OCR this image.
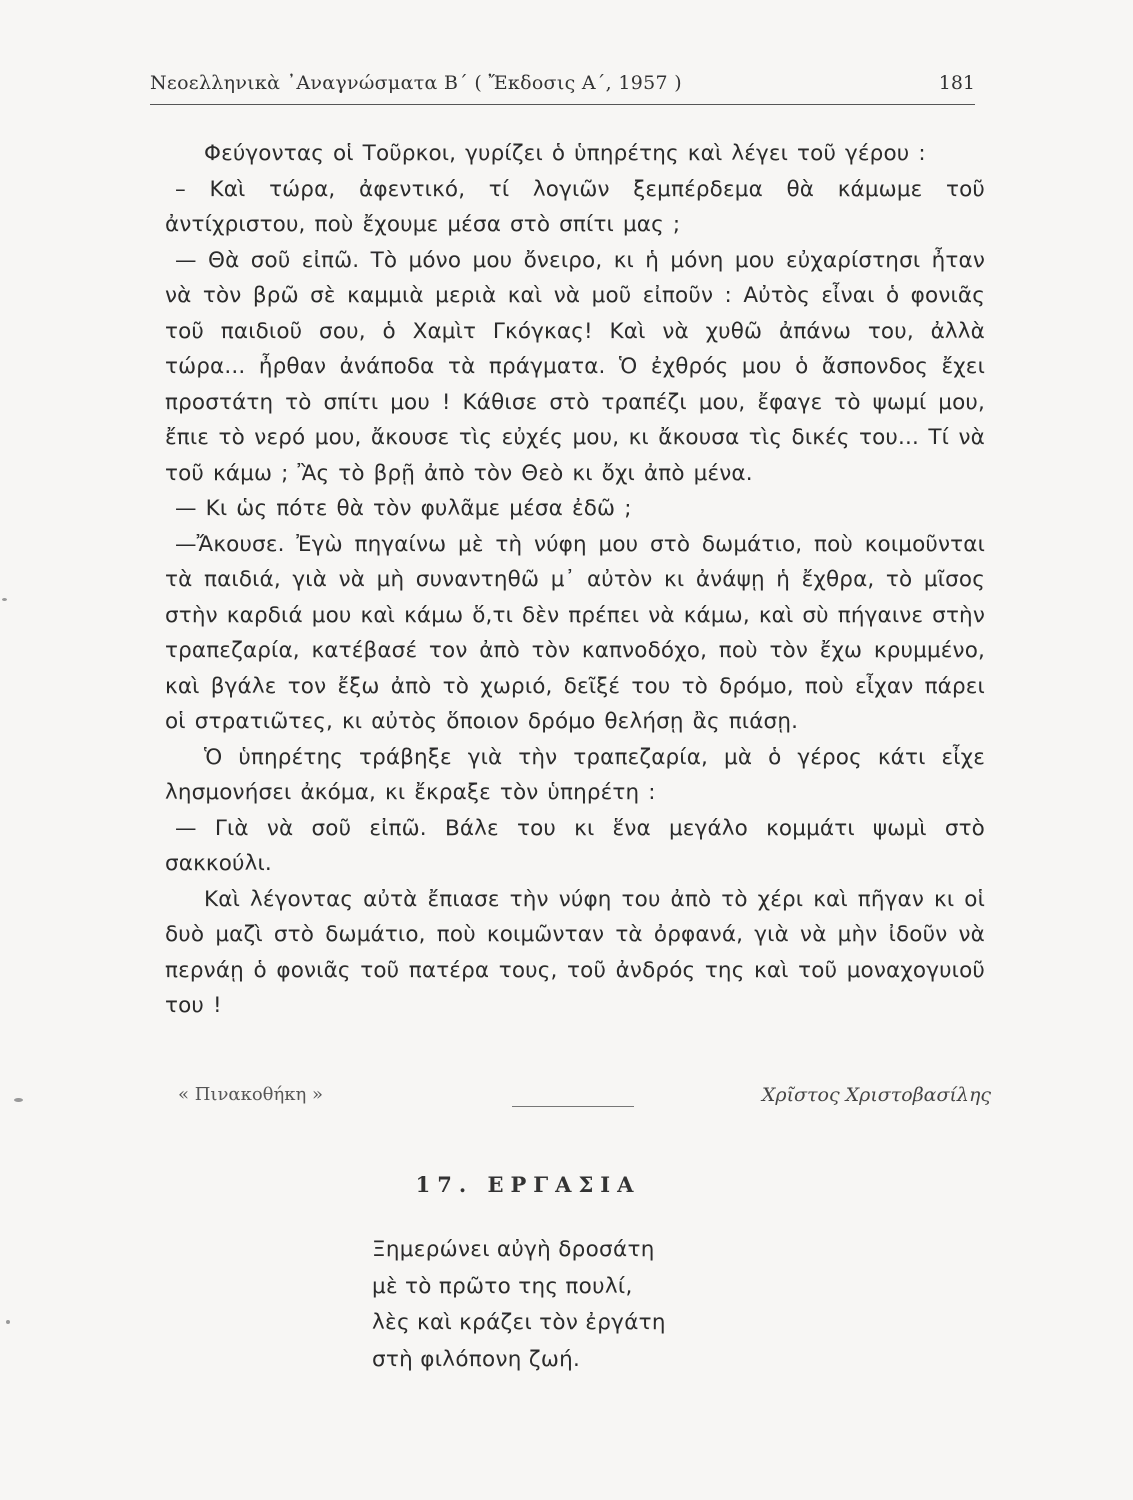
Νεοελληνικὰ ᾿Αναγνώσματα Β΄ ( Ἔκδοσις Α΄, 1957 )	181

Φεύγοντας οἱ Τοῦρκοι, γυρίζει ὁ ὑπηρέτης καὶ λέγει τοῦ γέρου :

– Καὶ τώρα, ἀφεντικό, τί λογιῶν ξεμπέρδεμα θὰ κάμωμε τοῦ ἀντίχριστου, ποὺ ἔχουμε μέσα στὸ σπίτι μας ;

— Θὰ σοῦ εἰπῶ. Τὸ μόνο μου ὄνειρο, κι ἡ μόνη μου εὐχαρίστησι ἦταν νὰ τὸν βρῶ σὲ καμμιὰ μεριὰ καὶ νὰ μοῦ εἰποῦν : Αὐτὸς εἶναι ὁ φονιᾶς τοῦ παιδιοῦ σου, ὁ Χαμὶτ Γκόγκας! Καὶ νὰ χυθῶ ἀπάνω του, ἀλλὰ τώρα... ἦρθαν ἀνάποδα τὰ πράγματα. Ὁ ἐχθρός μου ὁ ἄσπονδος ἔχει προστάτη τὸ σπίτι μου ! Κάθισε στὸ τραπέζι μου, ἔφαγε τὸ ψωμί μου, ἔπιε τὸ νερό μου, ἄκουσε τὶς εὐχές μου, κι ἄκουσα τὶς δικές του... Τί νὰ τοῦ κάμω ; Ἂς τὸ βρῇ ἀπὸ τὸν Θεὸ κι ὄχι ἀπὸ μένα.

— Κι ὡς πότε θὰ τὸν φυλᾶμε μέσα ἐδῶ ;

—Ἄκουσε. Ἐγὼ πηγαίνω μὲ τὴ νύφη μου στὸ δωμάτιο, ποὺ κοιμοῦνται τὰ παιδιά, γιὰ νὰ μὴ συναντηθῶ μ᾿ αὐτὸν κι ἀνάψῃ ἡ ἔχθρα, τὸ μῖσος στὴν καρδιά μου καὶ κάμω ὅ,τι δὲν πρέπει νὰ κάμω, καὶ σὺ πήγαινε στὴν τραπεζαρία, κατέβασέ τον ἀπὸ τὸν καπνοδόχο, ποὺ τὸν ἔχω κρυμμένο, καὶ βγάλε τον ἔξω ἀπὸ τὸ χωριό, δεῖξέ του τὸ δρόμο, ποὺ εἶχαν πάρει οἱ στρατιῶτες, κι αὐτὸς ὅποιον δρόμο θελήσῃ ἂς πιάσῃ.

Ὁ ὑπηρέτης τράβηξε γιὰ τὴν τραπεζαρία, μὰ ὁ γέρος κάτι εἶχε λησμονήσει ἀκόμα, κι ἔκραξε τὸν ὑπηρέτη :

— Γιὰ νὰ σοῦ εἰπῶ. Βάλε του κι ἕνα μεγάλο κομμάτι ψωμὶ στὸ σακκούλι.

Καὶ λέγοντας αὐτὰ ἔπιασε τὴν νύφη του ἀπὸ τὸ χέρι καὶ πῆγαν κι οἱ δυὸ μαζὶ στὸ δωμάτιο, ποὺ κοιμῶνταν τὰ ὀρφανά, γιὰ νὰ μὴν ἰδοῦν νὰ περνάῃ ὁ φονιᾶς τοῦ πατέρα τους, τοῦ ἀνδρός της καὶ τοῦ μοναχογυιοῦ του !

« Πινακοθήκη »	Χρῖστος Χριστοβασίλης
17. ΕΡΓΑΣΙΑ
Ξημερώνει αὐγὴ δροσάτη
μὲ τὸ πρῶτο της πουλί,
λὲς καὶ κράζει τὸν ἐργάτη
στὴ φιλόπονη ζωή.
